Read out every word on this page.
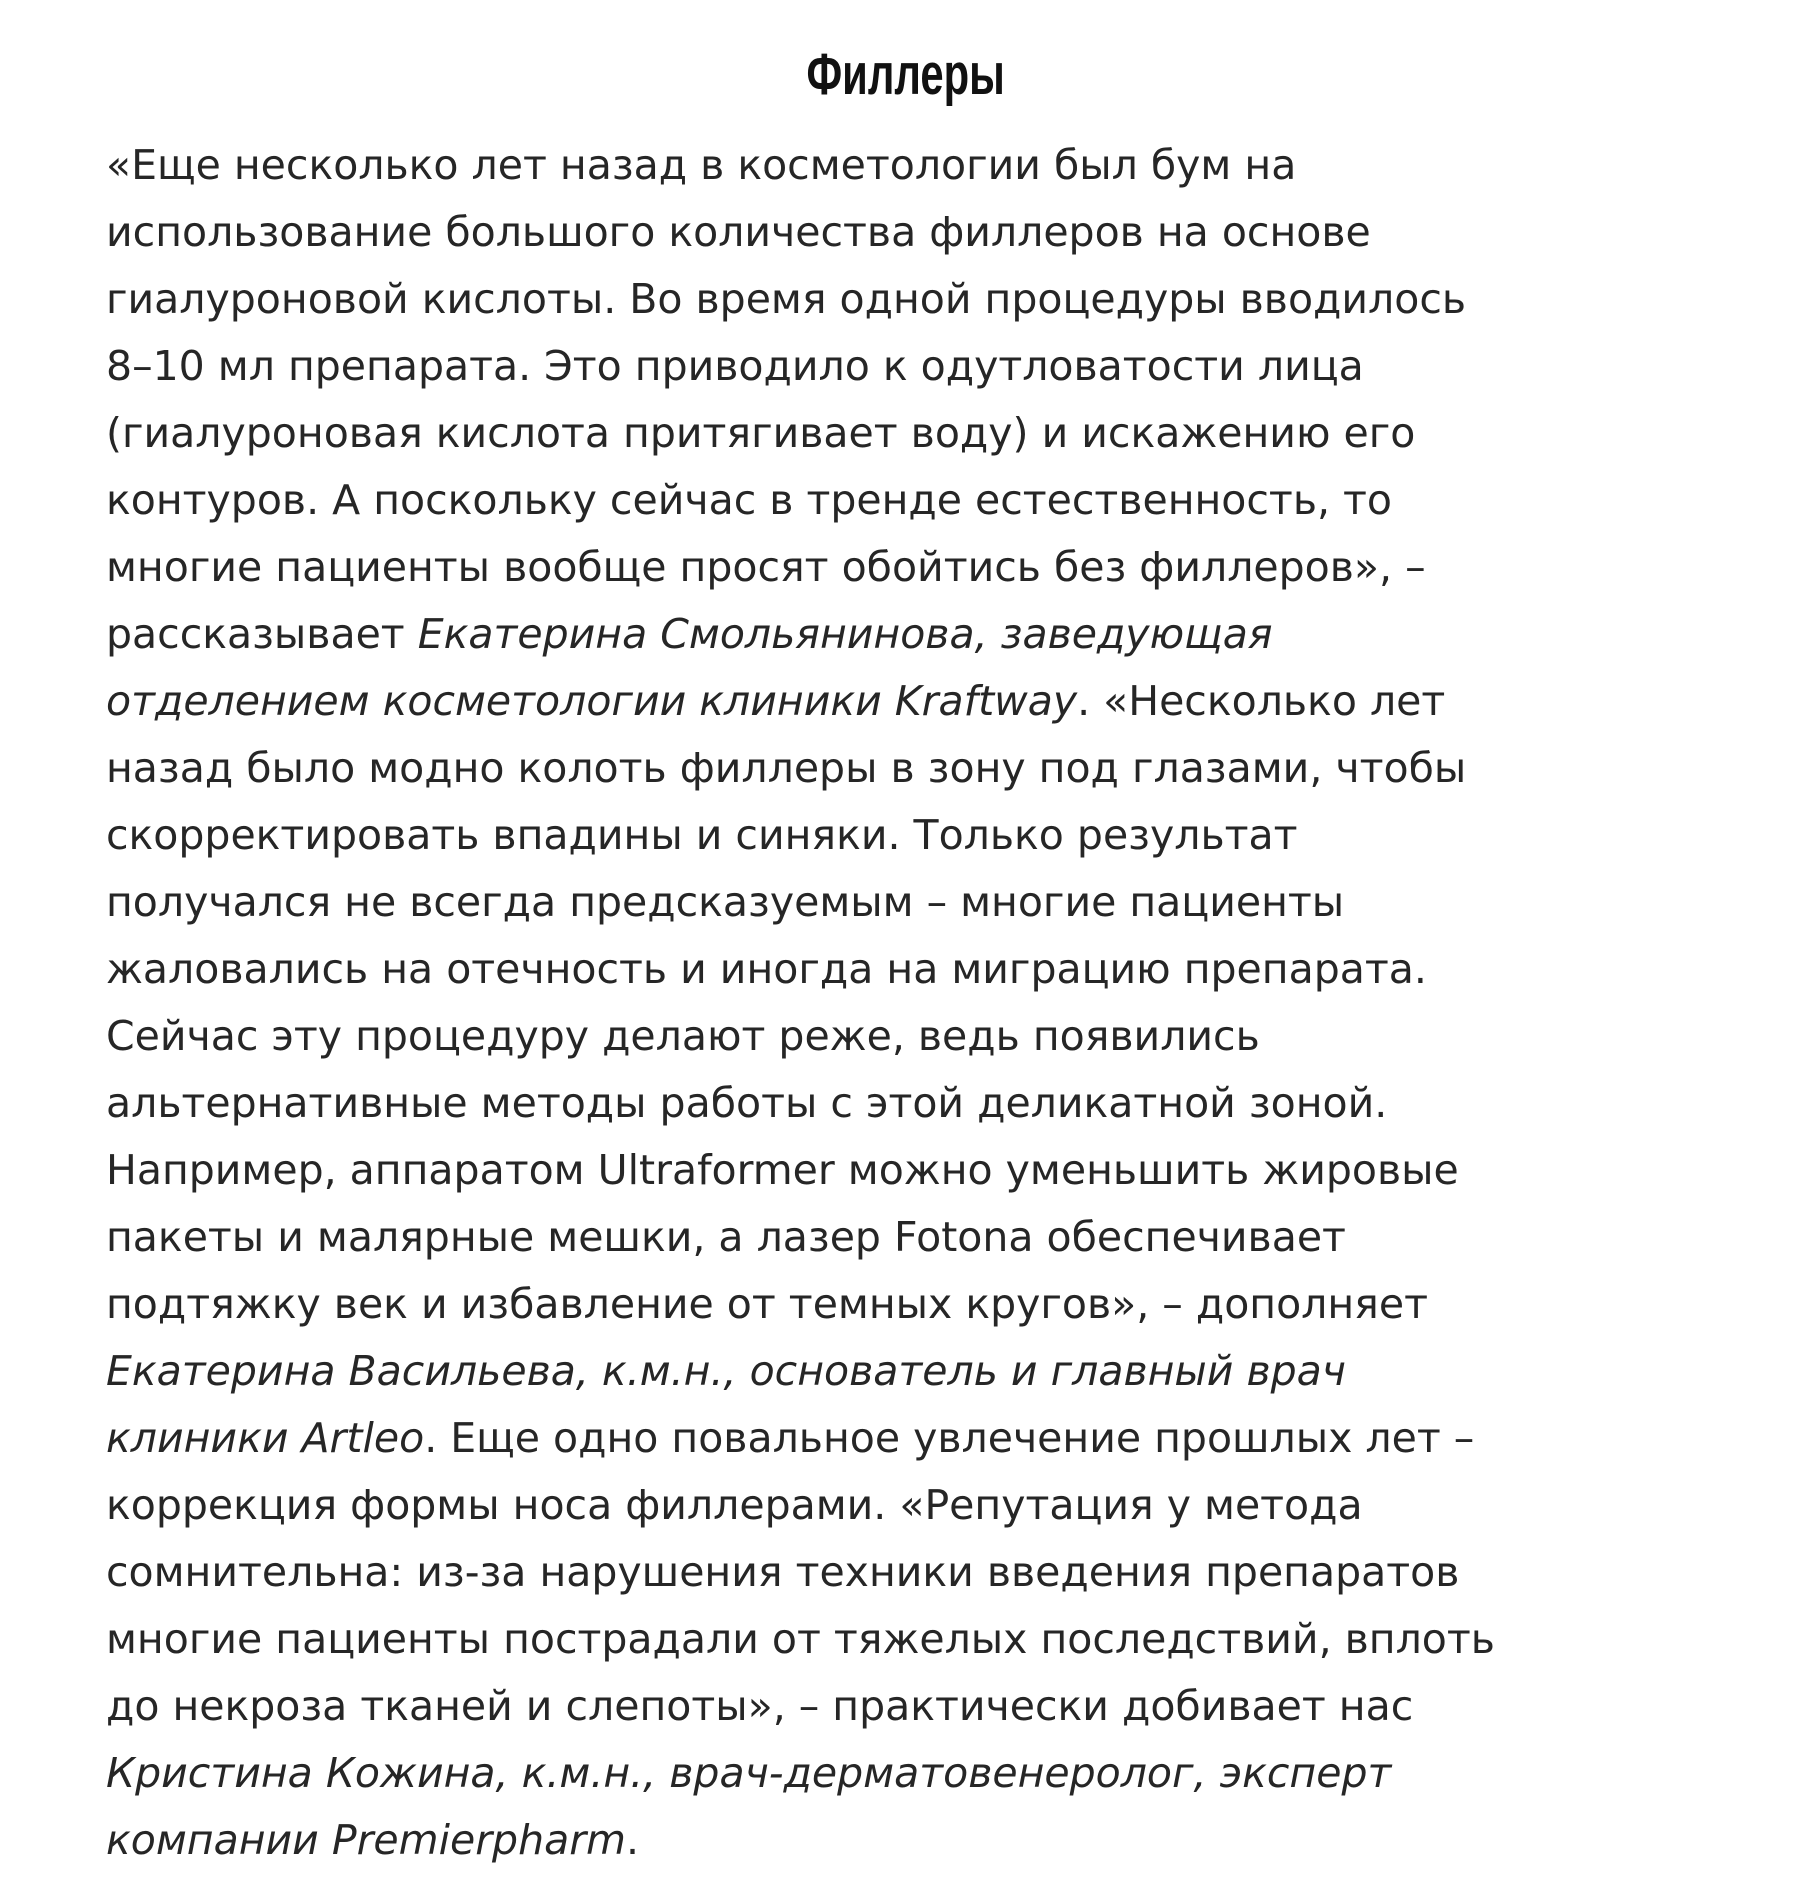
Филлеры
«Еще несколько лет назад в косметологии был бум на
использование большого количества филлеров на основе
гиалуроновой кислоты. Во время одной процедуры вводилось
8–10 мл препарата. Это приводило к одутловатости лица
(гиалуроновая кислота притягивает воду) и искажению его
контуров. А поскольку сейчас в тренде естественность, то
многие пациенты вообще просят обойтись без филлеров», –
рассказывает Екатерина Смольянинова, заведующая
отделением косметологии клиники Kraftway. «Несколько лет
назад было модно колоть филлеры в зону под глазами, чтобы
скорректировать впадины и синяки. Только результат
получался не всегда предсказуемым – многие пациенты
жаловались на отечность и иногда на миграцию препарата.
Сейчас эту процедуру делают реже, ведь появились
альтернативные методы работы с этой деликатной зоной.
Например, аппаратом Ultraformer можно уменьшить жировые
пакеты и малярные мешки, а лазер Fotona обеспечивает
подтяжку век и избавление от темных кругов», – дополняет
Екатерина Васильева, к.м.н., основатель и главный врач
клиники Artleo. Еще одно повальное увлечение прошлых лет –
коррекция формы носа филлерами. «Репутация у метода
сомнительна: из-за нарушения техники введения препаратов
многие пациенты пострадали от тяжелых последствий, вплоть
до некроза тканей и слепоты», – практически добивает нас
Кристина Кожина, к.м.н., врач-дерматовенеролог, эксперт
компании Premierpharm.
